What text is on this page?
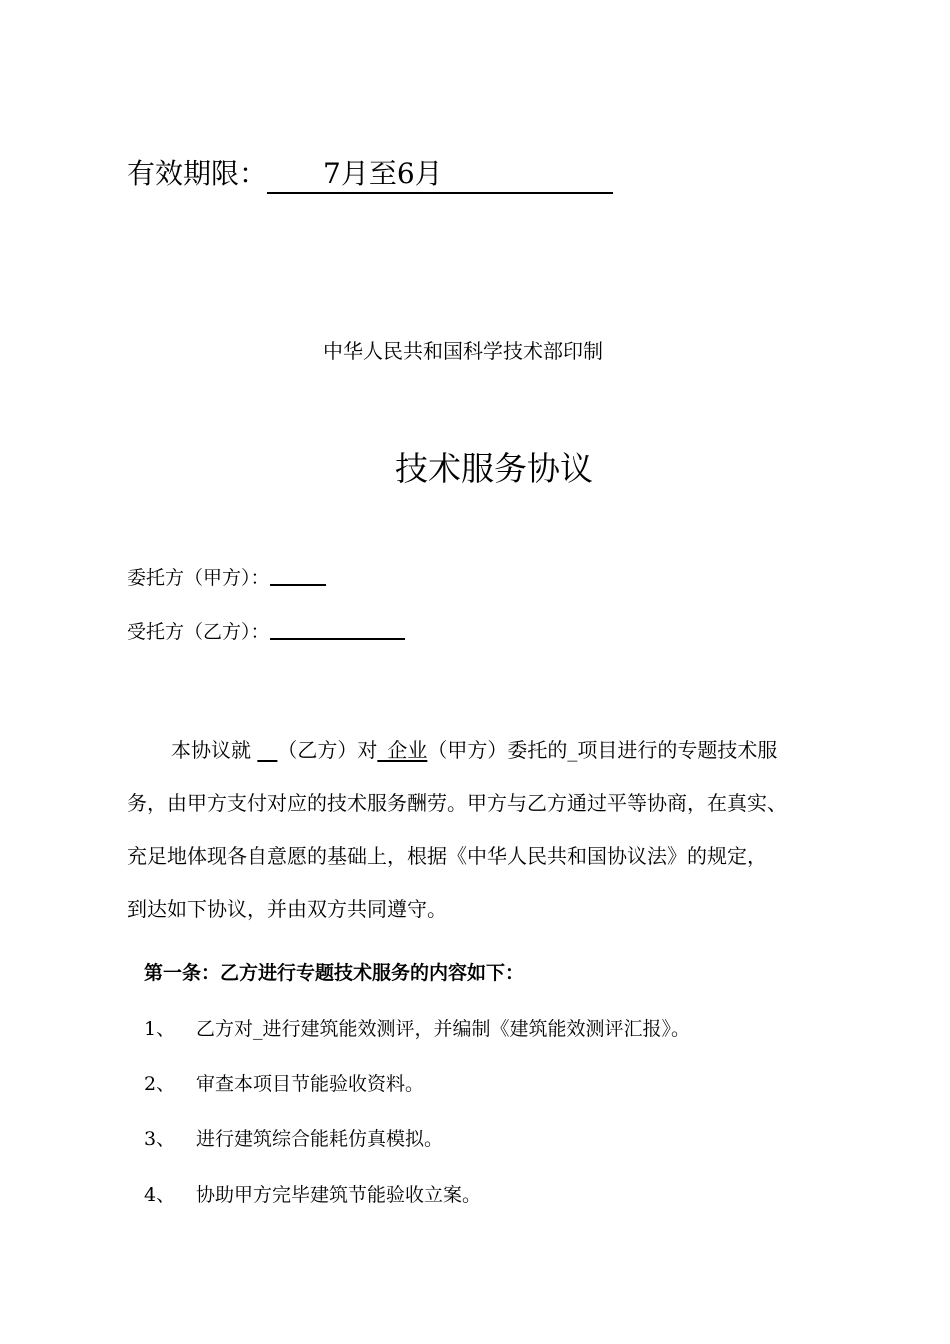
有效期限： 7月至6月
中华人民共和国科学技术部印制
技术服务协议
委托方（甲方）：
受托方（乙方）：
本协议就 __（乙方）对_企业（甲方）委托的_项目进行的专题技术服
务，由甲方支付对应的技术服务酬劳。甲方与乙方通过平等协商，在真实、
充足地体现各自意愿的基础上，根据《中华人民共和国协议法》的规定，
到达如下协议，并由双方共同遵守。
第一条：乙方进行专题技术服务的内容如下：
1、 乙方对_进行建筑能效测评，并编制《建筑能效测评汇报》。
2、 审查本项目节能验收资料。
3、 进行建筑综合能耗仿真模拟。
4、 协助甲方完毕建筑节能验收立案。
